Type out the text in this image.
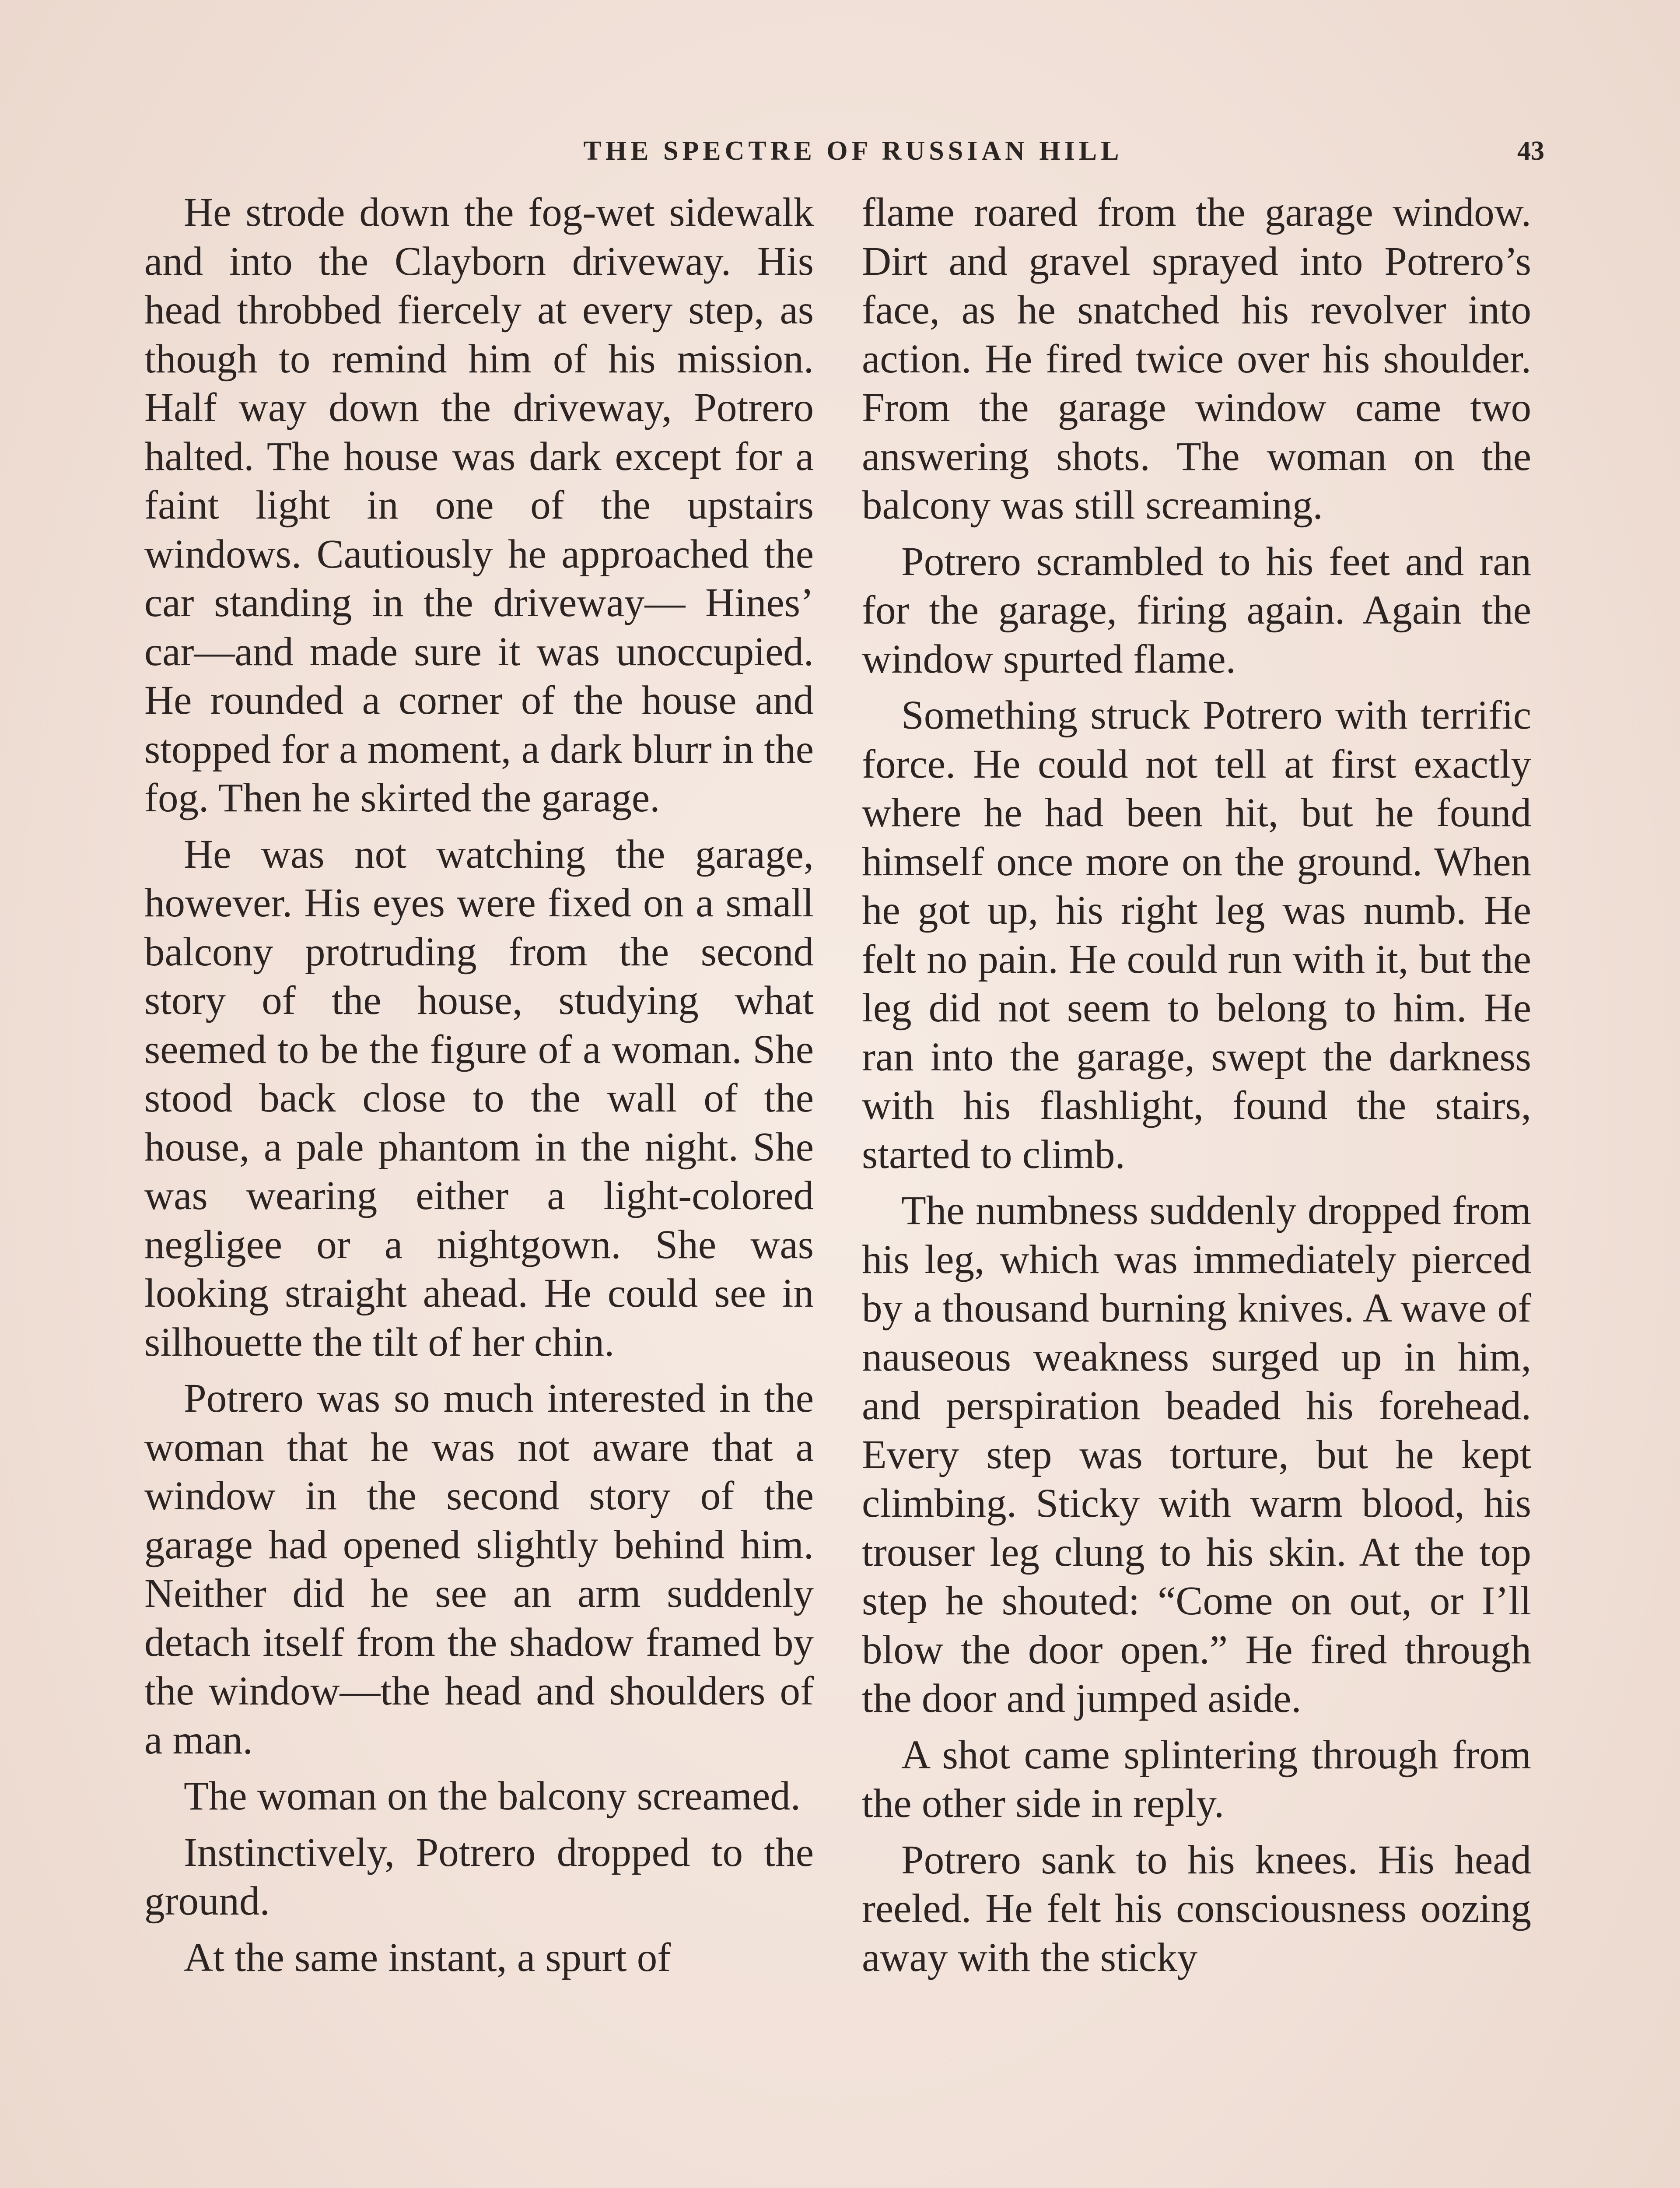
THE SPECTRE OF RUSSIAN HILL	43

He strode down the fog-wet sidewalk and into the Clayborn driveway. His head throbbed fiercely at every step, as though to remind him of his mission. Half way down the driveway, Potrero halted. The house was dark except for a faint light in one of the upstairs windows. Cautiously he approached the car standing in the driveway— Hines’ car—and made sure it was unoccupied. He rounded a corner of the house and stopped for a moment, a dark blurr in the fog. Then he skirted the garage.

He was not watching the garage, however. His eyes were fixed on a small balcony protruding from the second story of the house, studying what seemed to be the figure of a woman. She stood back close to the wall of the house, a pale phantom in the night. She was wearing either a light-colored negligee or a nightgown. She was looking straight ahead. He could see in silhouette the tilt of her chin.

Potrero was so much interested in the woman that he was not aware that a window in the second story of the garage had opened slightly behind him. Neither did he see an arm suddenly detach itself from the shadow framed by the window—the head and shoulders of a man.

The woman on the balcony screamed.

Instinctively, Potrero dropped to the ground.

At the same instant, a spurt of

flame roared from the garage window. Dirt and gravel sprayed into Potrero’s face, as he snatched his revolver into action. He fired twice over his shoulder. From the garage window came two answering shots. The woman on the balcony was still screaming.

Potrero scrambled to his feet and ran for the garage, firing again. Again the window spurted flame.

Something struck Potrero with terrific force. He could not tell at first exactly where he had been hit, but he found himself once more on the ground. When he got up, his right leg was numb. He felt no pain. He could run with it, but the leg did not seem to belong to him. He ran into the garage, swept the darkness with his flashlight, found the stairs, started to climb.

The numbness suddenly dropped from his leg, which was immediately pierced by a thousand burning knives. A wave of nauseous weakness surged up in him, and perspiration beaded his forehead. Every step was torture, but he kept climbing. Sticky with warm blood, his trouser leg clung to his skin. At the top step he shouted: “Come on out, or I’ll blow the door open.” He fired through the door and jumped aside.

A shot came splintering through from the other side in reply.

Potrero sank to his knees. His head reeled. He felt his consciousness oozing away with the sticky
